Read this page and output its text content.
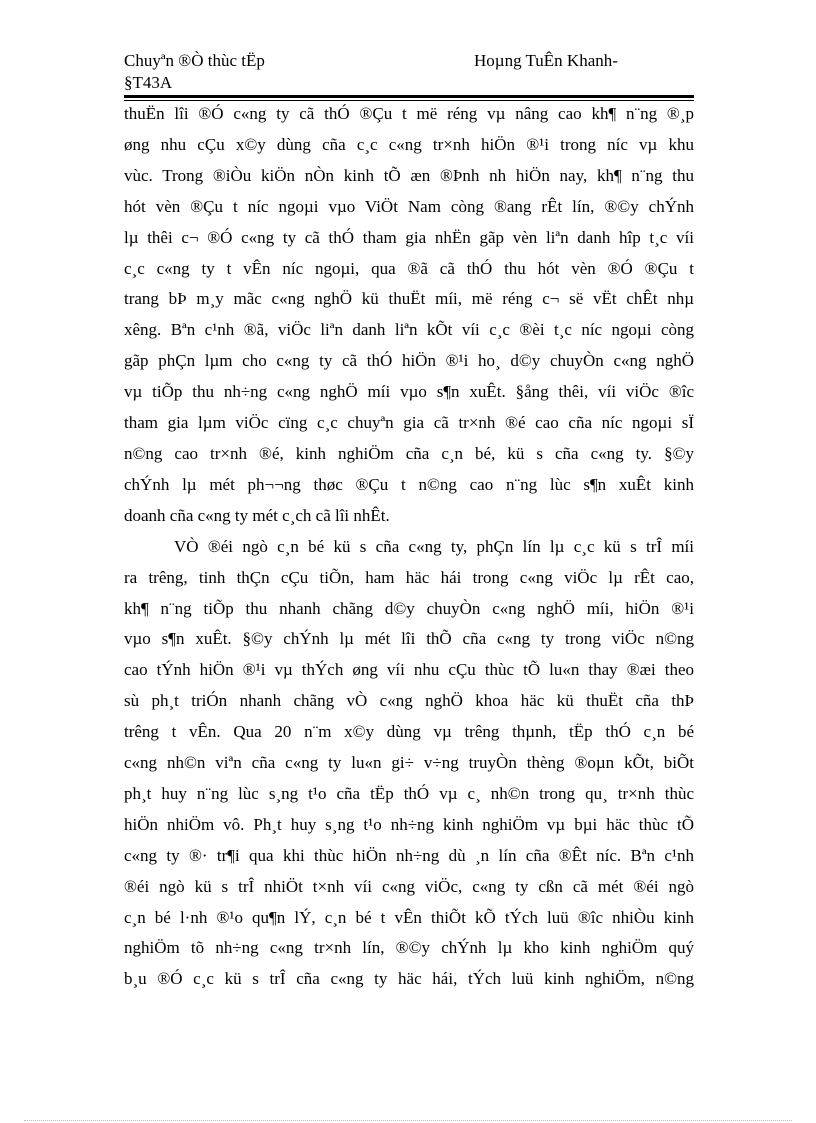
Chuyªn ®Ò thùc tËp
§T43A
Hoµng TuÊn Khanh-
thuËn lîi ®Ó c«ng ty cã thÓ ®Çu t më réng vµ nâng cao kh¶ n¨ng ®¸p
øng nhu cÇu x©y dùng cña c¸c c«ng tr×nh hiÖn ®¹i trong níc vµ khu
vùc. Trong ®iÒu kiÖn nÒn kinh tÕ æn ®Þnh nh hiÖn nay, kh¶ n¨ng thu
hót vèn ®Çu t níc ngoµi vµo ViÖt Nam còng ®ang rÊt lín, ®©y chÝnh
lµ thêi c¬ ®Ó c«ng ty cã thÓ tham gia nhËn gãp vèn liªn danh hîp t¸c víi
c¸c c«ng ty t vÊn níc ngoµi, qua ®ã cã thÓ thu hót vèn ®Ó ®Çu t
trang bÞ m¸y mãc c«ng nghÖ kü thuËt míi, më réng c¬ së vËt chÊt nhµ
xêng. Bªn c¹nh ®ã, viÖc liªn danh liªn kÕt víi c¸c ®èi t¸c níc ngoµi còng
gãp phÇn lµm cho c«ng ty cã thÓ hiÖn ®¹i ho¸ d©y chuyÒn c«ng nghÖ
vµ tiÕp thu nh÷ng c«ng nghÖ míi vµo s¶n xuÊt. §ång thêi, víi viÖc ®îc
tham gia lµm viÖc cïng c¸c chuyªn gia cã tr×nh ®é cao cña níc ngoµi sÏ
n©ng cao tr×nh ®é, kinh nghiÖm cña c¸n bé, kü s cña c«ng ty. §©y
chÝnh lµ mét ph¬¬ng thøc ®Çu t n©ng cao n¨ng lùc s¶n xuÊt kinh
doanh cña c«ng ty mét c¸ch cã lîi nhÊt.
VÒ ®éi ngò c¸n bé kü s cña c«ng ty, phÇn lín lµ c¸c kü s trÎ míi
ra trêng, tinh thÇn cÇu tiÕn, ham häc hái trong c«ng viÖc lµ rÊt cao,
kh¶ n¨ng tiÕp thu nhanh chãng d©y chuyÒn c«ng nghÖ míi, hiÖn ®¹i
vµo s¶n xuÊt. §©y chÝnh lµ mét lîi thÕ cña c«ng ty trong viÖc n©ng
cao tÝnh hiÖn ®¹i vµ thÝch øng víi nhu cÇu thùc tÕ lu«n thay ®æi theo
sù ph¸t triÓn nhanh chãng vÒ c«ng nghÖ khoa häc kü thuËt cña thÞ
trêng t vÊn. Qua 20 n¨m x©y dùng vµ trêng thµnh, tËp thÓ c¸n bé
c«ng nh©n viªn cña c«ng ty lu«n gi÷ v÷ng truyÒn thèng ®oµn kÕt, biÕt
ph¸t huy n¨ng lùc s¸ng t¹o cña tËp thÓ vµ c¸ nh©n trong qu¸ tr×nh thùc
hiÖn nhiÖm vô. Ph¸t huy s¸ng t¹o nh÷ng kinh nghiÖm vµ bµi häc thùc tÕ
c«ng ty ®· tr¶i qua khi thùc hiÖn nh÷ng dù ¸n lín cña ®Êt níc. Bªn c¹nh
®éi ngò kü s trÎ nhiÖt t×nh víi c«ng viÖc, c«ng ty cßn cã mét ®éi ngò
c¸n bé l·nh ®¹o qu¶n lÝ, c¸n bé t vÊn thiÕt kÕ tÝch luü ®îc nhiÒu kinh
nghiÖm tõ nh÷ng c«ng tr×nh lín, ®©y chÝnh lµ kho kinh nghiÖm quý
b¸u ®Ó c¸c kü s trÎ cña c«ng ty häc hái, tÝch luü kinh nghiÖm, n©ng
